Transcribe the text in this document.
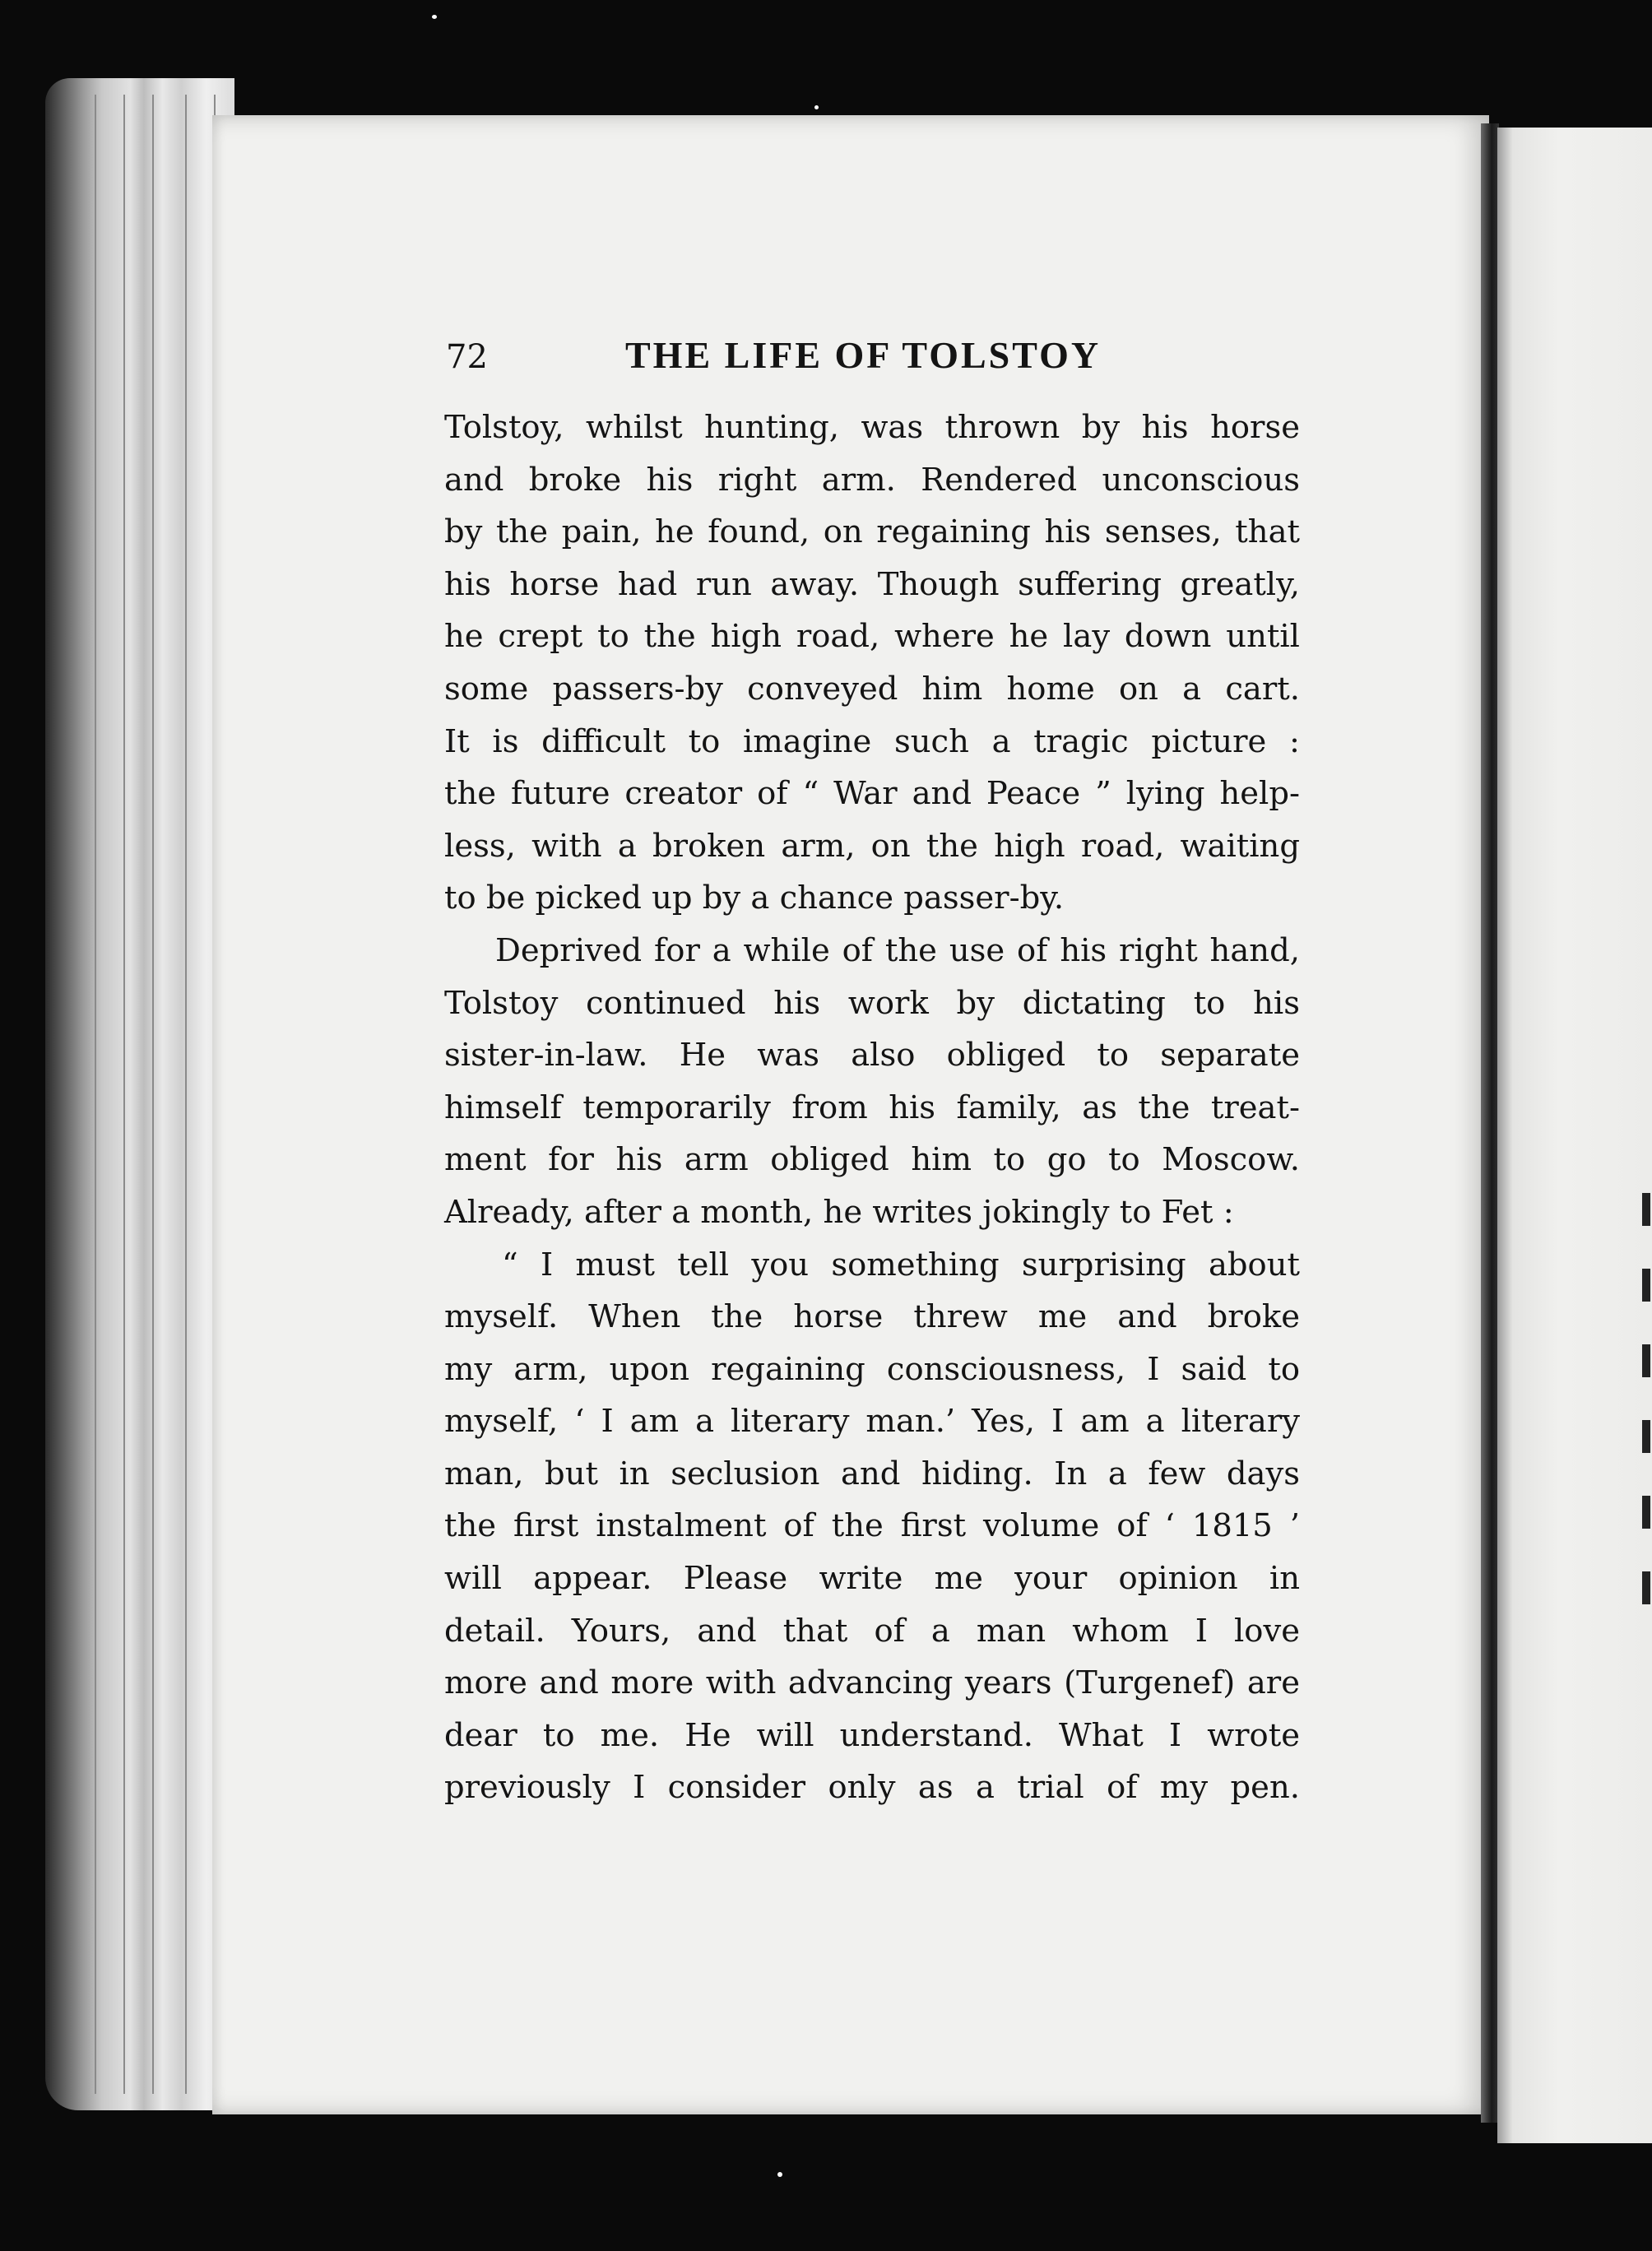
72	THE LIFE OF TOLSTOY
Tolstoy, whilst hunting, was thrown by his horse
and broke his right arm. Rendered unconscious
by the pain, he found, on regaining his senses, that
his horse had run away. Though suffering greatly,
he crept to the high road, where he lay down until
some passers-by conveyed him home on a cart.
It is difficult to imagine such a tragic picture :
the future creator of “ War and Peace ” lying help-
less, with a broken arm, on the high road, waiting
to be picked up by a chance passer-by.
Deprived for a while of the use of his right hand,
Tolstoy continued his work by dictating to his
sister-in-law. He was also obliged to separate
himself temporarily from his family, as the treat-
ment for his arm obliged him to go to Moscow.
Already, after a month, he writes jokingly to Fet :
“ I must tell you something surprising about
myself. When the horse threw me and broke
my arm, upon regaining consciousness, I said to
myself, ‘ I am a literary man.’ Yes, I am a literary
man, but in seclusion and hiding. In a few days
the first instalment of the first volume of ‘ 1815 ’
will appear. Please write me your opinion in
detail. Yours, and that of a man whom I love
more and more with advancing years (Turgenef) are
dear to me. He will understand. What I wrote
previously I consider only as a trial of my pen.
